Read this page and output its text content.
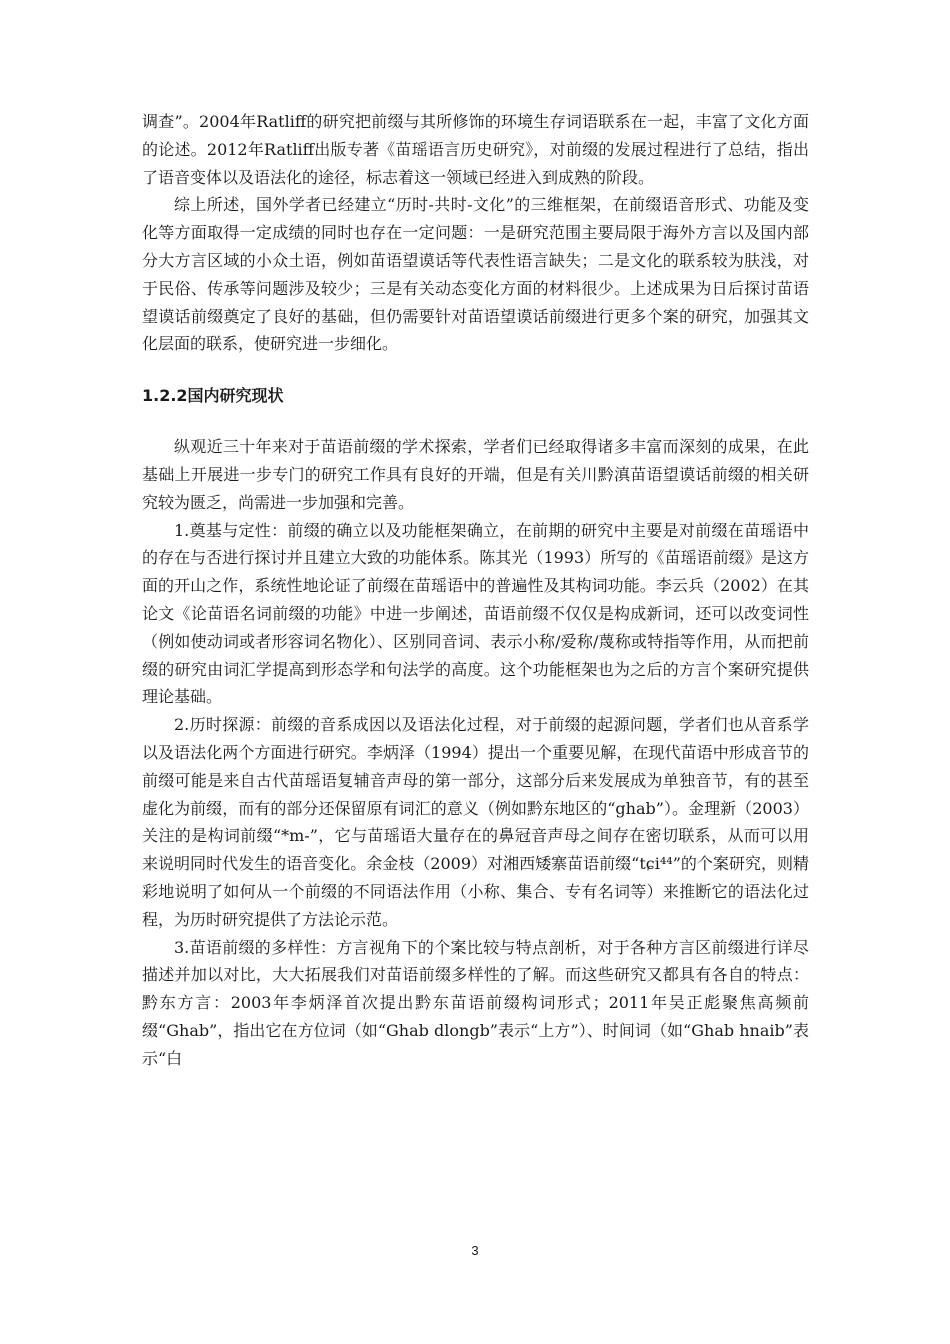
调查”。2004年Ratliff的研究把前缀与其所修饰的环境生存词语联系在一起，丰富了文化方面的论述。2012年Ratliff出版专著《苗瑶语言历史研究》，对前缀的发展过程进行了总结，指出了语音变体以及语法化的途径，标志着这一领域已经进入到成熟的阶段。

综上所述，国外学者已经建立“历时-共时-文化”的三维框架，在前缀语音形式、功能及变化等方面取得一定成绩的同时也存在一定问题：一是研究范围主要局限于海外方言以及国内部分大方言区域的小众土语，例如苗语望谟话等代表性语言缺失；二是文化的联系较为肤浅，对于民俗、传承等问题涉及较少；三是有关动态变化方面的材料很少。上述成果为日后探讨苗语望谟话前缀奠定了良好的基础，但仍需要针对苗语望谟话前缀进行更多个案的研究，加强其文化层面的联系，使研究进一步细化。

1.2.2国内研究现状

纵观近三十年来对于苗语前缀的学术探索，学者们已经取得诸多丰富而深刻的成果，在此基础上开展进一步专门的研究工作具有良好的开端，但是有关川黔滇苗语望谟话前缀的相关研究较为匮乏，尚需进一步加强和完善。

1.奠基与定性：前缀的确立以及功能框架确立，在前期的研究中主要是对前缀在苗瑶语中的存在与否进行探讨并且建立大致的功能体系。陈其光（1993）所写的《苗瑶语前缀》是这方面的开山之作，系统性地论证了前缀在苗瑶语中的普遍性及其构词功能。李云兵（2002）在其论文《论苗语名词前缀的功能》中进一步阐述，苗语前缀不仅仅是构成新词，还可以改变词性（例如使动词或者形容词名物化）、区别同音词、表示小称/爱称/蔑称或特指等作用，从而把前缀的研究由词汇学提高到形态学和句法学的高度。这个功能框架也为之后的方言个案研究提供理论基础。

2.历时探源：前缀的音系成因以及语法化过程，对于前缀的起源问题，学者们也从音系学以及语法化两个方面进行研究。李炳泽（1994）提出一个重要见解，在现代苗语中形成音节的前缀可能是来自古代苗瑶语复辅音声母的第一部分，这部分后来发展成为单独音节，有的甚至虚化为前缀，而有的部分还保留原有词汇的意义（例如黔东地区的“ghab”）。金理新（2003）关注的是构词前缀“*m-”，它与苗瑶语大量存在的鼻冠音声母之间存在密切联系，从而可以用来说明同时代发生的语音变化。余金枝（2009）对湘西矮寨苗语前缀“tɕi⁴⁴”的个案研究，则精彩地说明了如何从一个前缀的不同语法作用（小称、集合、专有名词等）来推断它的语法化过程，为历时研究提供了方法论示范。

3.苗语前缀的多样性：方言视角下的个案比较与特点剖析，对于各种方言区前缀进行详尽描述并加以对比，大大拓展我们对苗语前缀多样性的了解。而这些研究又都具有各自的特点：黔东方言：2003年李炳泽首次提出黔东苗语前缀构词形式；2011年吴正彪聚焦高频前缀“Ghab”，指出它在方位词（如“Ghab dlongb”表示“上方”）、时间词（如“Ghab hnaib”表示“白

3
